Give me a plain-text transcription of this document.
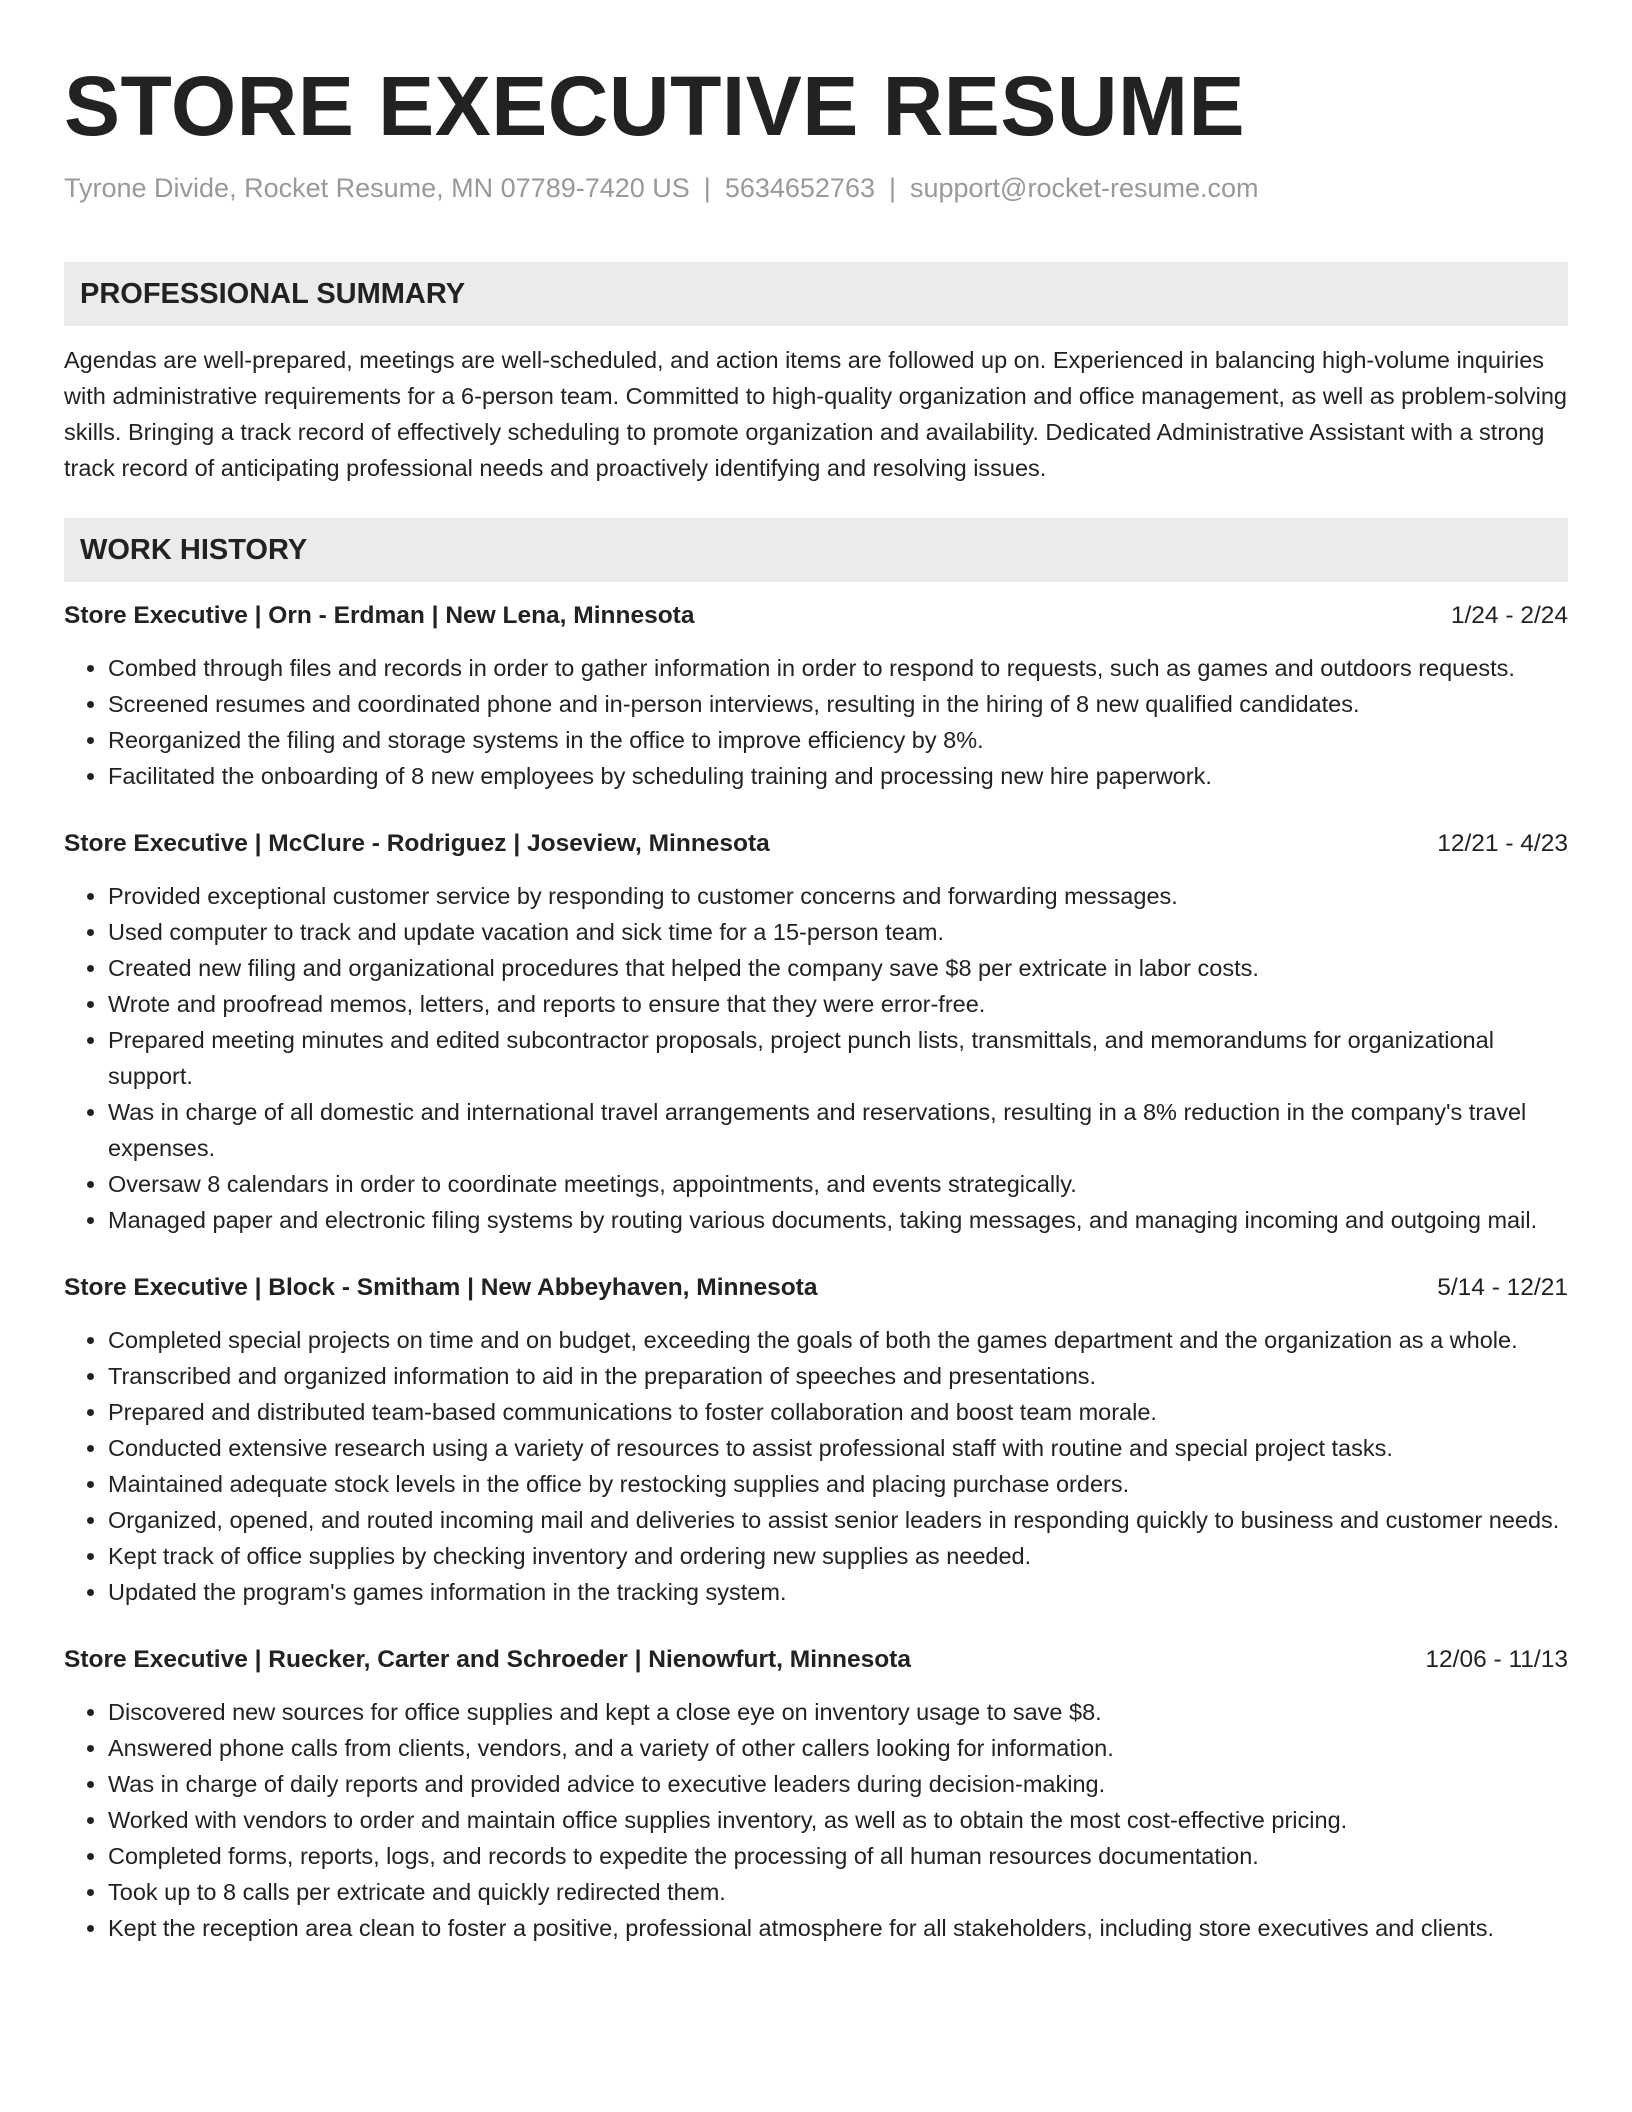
STORE EXECUTIVE RESUME
Tyrone Divide, Rocket Resume, MN 07789-7420 US | 5634652763 | support@rocket-resume.com
PROFESSIONAL SUMMARY
Agendas are well-prepared, meetings are well-scheduled, and action items are followed up on. Experienced in balancing high-volume inquiries with administrative requirements for a 6-person team. Committed to high-quality organization and office management, as well as problem-solving skills. Bringing a track record of effectively scheduling to promote organization and availability. Dedicated Administrative Assistant with a strong track record of anticipating professional needs and proactively identifying and resolving issues.
WORK HISTORY
Store Executive | Orn - Erdman | New Lena, Minnesota	1/24 - 2/24
• Combed through files and records in order to gather information in order to respond to requests, such as games and outdoors requests.
• Screened resumes and coordinated phone and in-person interviews, resulting in the hiring of 8 new qualified candidates.
• Reorganized the filing and storage systems in the office to improve efficiency by 8%.
• Facilitated the onboarding of 8 new employees by scheduling training and processing new hire paperwork.
Store Executive | McClure - Rodriguez | Joseview, Minnesota	12/21 - 4/23
• Provided exceptional customer service by responding to customer concerns and forwarding messages.
• Used computer to track and update vacation and sick time for a 15-person team.
• Created new filing and organizational procedures that helped the company save $8 per extricate in labor costs.
• Wrote and proofread memos, letters, and reports to ensure that they were error-free.
• Prepared meeting minutes and edited subcontractor proposals, project punch lists, transmittals, and memorandums for organizational support.
• Was in charge of all domestic and international travel arrangements and reservations, resulting in a 8% reduction in the company's travel expenses.
• Oversaw 8 calendars in order to coordinate meetings, appointments, and events strategically.
• Managed paper and electronic filing systems by routing various documents, taking messages, and managing incoming and outgoing mail.
Store Executive | Block - Smitham | New Abbeyhaven, Minnesota	5/14 - 12/21
• Completed special projects on time and on budget, exceeding the goals of both the games department and the organization as a whole.
• Transcribed and organized information to aid in the preparation of speeches and presentations.
• Prepared and distributed team-based communications to foster collaboration and boost team morale.
• Conducted extensive research using a variety of resources to assist professional staff with routine and special project tasks.
• Maintained adequate stock levels in the office by restocking supplies and placing purchase orders.
• Organized, opened, and routed incoming mail and deliveries to assist senior leaders in responding quickly to business and customer needs.
• Kept track of office supplies by checking inventory and ordering new supplies as needed.
• Updated the program's games information in the tracking system.
Store Executive | Ruecker, Carter and Schroeder | Nienowfurt, Minnesota	12/06 - 11/13
• Discovered new sources for office supplies and kept a close eye on inventory usage to save $8.
• Answered phone calls from clients, vendors, and a variety of other callers looking for information.
• Was in charge of daily reports and provided advice to executive leaders during decision-making.
• Worked with vendors to order and maintain office supplies inventory, as well as to obtain the most cost-effective pricing.
• Completed forms, reports, logs, and records to expedite the processing of all human resources documentation.
• Took up to 8 calls per extricate and quickly redirected them.
• Kept the reception area clean to foster a positive, professional atmosphere for all stakeholders, including store executives and clients.
